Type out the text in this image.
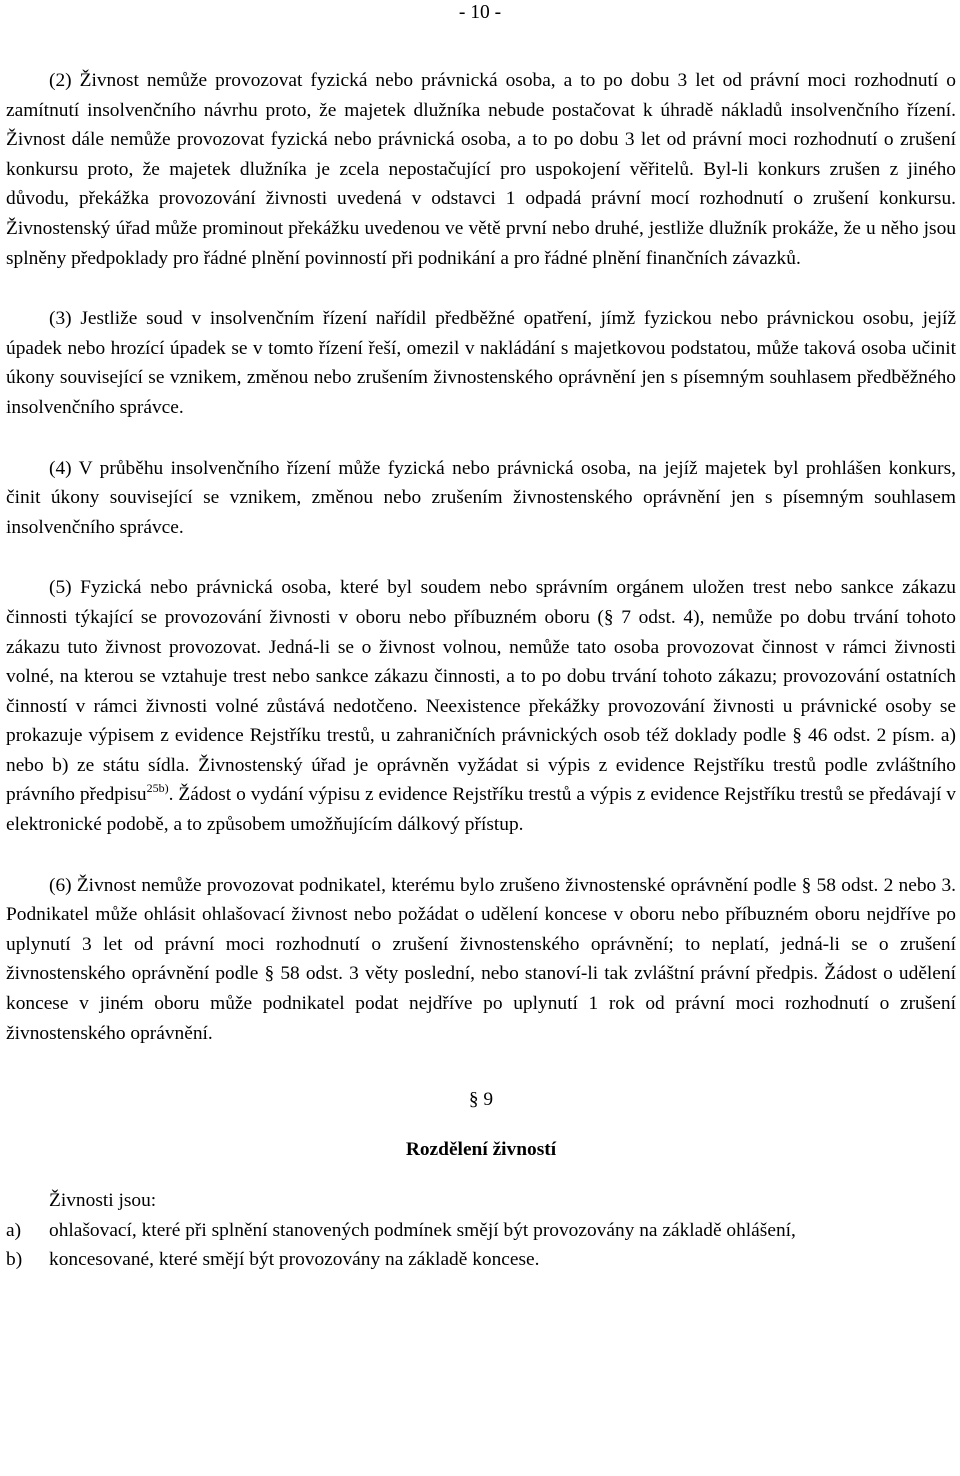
- 10 -

(2) Živnost nemůže provozovat fyzická nebo právnická osoba, a to po dobu 3 let od právní moci rozhodnutí o zamítnutí insolvenčního návrhu proto, že majetek dlužníka nebude postačovat k úhradě nákladů insolvenčního řízení. Živnost dále nemůže provozovat fyzická nebo právnická osoba, a to po dobu 3 let od právní moci rozhodnutí o zrušení konkursu proto, že majetek dlužníka je zcela nepostačující pro uspokojení věřitelů. Byl-li konkurs zrušen z jiného důvodu, překážka provozování živnosti uvedená v odstavci 1 odpadá právní mocí rozhodnutí o zrušení konkursu. Živnostenský úřad může prominout překážku uvedenou ve větě první nebo druhé, jestliže dlužník prokáže, že u něho jsou splněny předpoklady pro řádné plnění povinností při podnikání a pro řádné plnění finančních závazků.

(3) Jestliže soud v insolvenčním řízení nařídil předběžné opatření, jímž fyzickou nebo právnickou osobu, jejíž úpadek nebo hrozící úpadek se v tomto řízení řeší, omezil v nakládání s majetkovou podstatou, může taková osoba učinit úkony související se vznikem, změnou nebo zrušením živnostenského oprávnění jen s písemným souhlasem předběžného insolvenčního správce.

(4) V průběhu insolvenčního řízení může fyzická nebo právnická osoba, na jejíž majetek byl prohlášen konkurs, činit úkony související se vznikem, změnou nebo zrušením živnostenského oprávnění jen s písemným souhlasem insolvenčního správce.

(5) Fyzická nebo právnická osoba, které byl soudem nebo správním orgánem uložen trest nebo sankce zákazu činnosti týkající se provozování živnosti v oboru nebo příbuzném oboru (§ 7 odst. 4), nemůže po dobu trvání tohoto zákazu tuto živnost provozovat. Jedná-li se o živnost volnou, nemůže tato osoba provozovat činnost v rámci živnosti volné, na kterou se vztahuje trest nebo sankce zákazu činnosti, a to po dobu trvání tohoto zákazu; provozování ostatních činností v rámci živnosti volné zůstává nedotčeno. Neexistence překážky provozování živnosti u právnické osoby se prokazuje výpisem z evidence Rejstříku trestů, u zahraničních právnických osob též doklady podle § 46 odst. 2 písm. a) nebo b) ze státu sídla. Živnostenský úřad je oprávněn vyžádat si výpis z evidence Rejstříku trestů podle zvláštního právního předpisu$^{25b)}$. Žádost o vydání výpisu z evidence Rejstříku trestů a výpis z evidence Rejstříku trestů se předávají v elektronické podobě, a to způsobem umožňujícím dálkový přístup.

(6) Živnost nemůže provozovat podnikatel, kterému bylo zrušeno živnostenské oprávnění podle § 58 odst. 2 nebo 3. Podnikatel může ohlásit ohlašovací živnost nebo požádat o udělení koncese v oboru nebo příbuzném oboru nejdříve po uplynutí 3 let od právní moci rozhodnutí o zrušení živnostenského oprávnění; to neplatí, jedná-li se o zrušení živnostenského oprávnění podle § 58 odst. 3 věty poslední, nebo stanoví-li tak zvláštní právní předpis. Žádost o udělení koncese v jiném oboru může podnikatel podat nejdříve po uplynutí 1 rok od právní moci rozhodnutí o zrušení živnostenského oprávnění.

§ 9
Rozdělení živností
Živnosti jsou:
a)	ohlašovací, které při splnění stanovených podmínek smějí být provozovány na základě ohlášení,
b)	koncesované, které smějí být provozovány na základě koncese.
